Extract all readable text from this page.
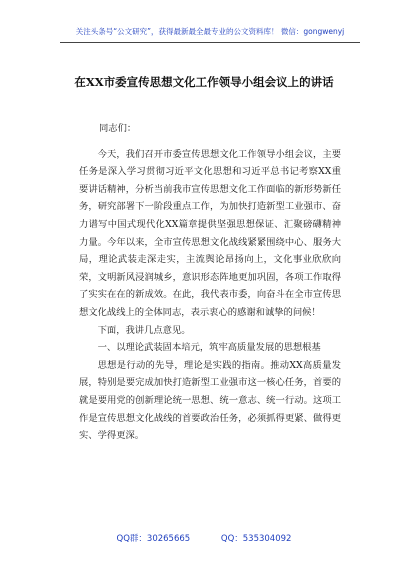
关注头条号“公文研究”，获得最新最全最专业的公文资料库！ 微信：gongwenyj
在XX市委宣传思想文化工作领导小组会议上的讲话

同志们：

今天，我们召开市委宣传思想文化工作领导小组会议，主要任务是深入学习贯彻习近平文化思想和习近平总书记考察XX重要讲话精神，分析当前我市宣传思想文化工作面临的新形势新任务，研究部署下一阶段重点工作，为加快打造新型工业强市、奋力谱写中国式现代化XX篇章提供坚强思想保证、汇聚磅礴精神力量。今年以来，全市宣传思想文化战线紧紧围绕中心、服务大局，理论武装走深走实，主流舆论昂扬向上，文化事业欣欣向荣，文明新风浸润城乡，意识形态阵地更加巩固，各项工作取得了实实在在的新成效。在此，我代表市委，向奋斗在全市宣传思想文化战线上的全体同志，表示衷心的感谢和诚挚的问候！

下面，我讲几点意见。

一、以理论武装固本培元，筑牢高质量发展的思想根基

思想是行动的先导，理论是实践的指南。推动XX高质量发展，特别是要完成加快打造新型工业强市这一核心任务，首要的就是要用党的创新理论统一思想、统一意志、统一行动。这项工作是宣传思想文化战线的首要政治任务，必须抓得更紧、做得更实、学得更深。

QQ群：30265665	QQ：535304092
